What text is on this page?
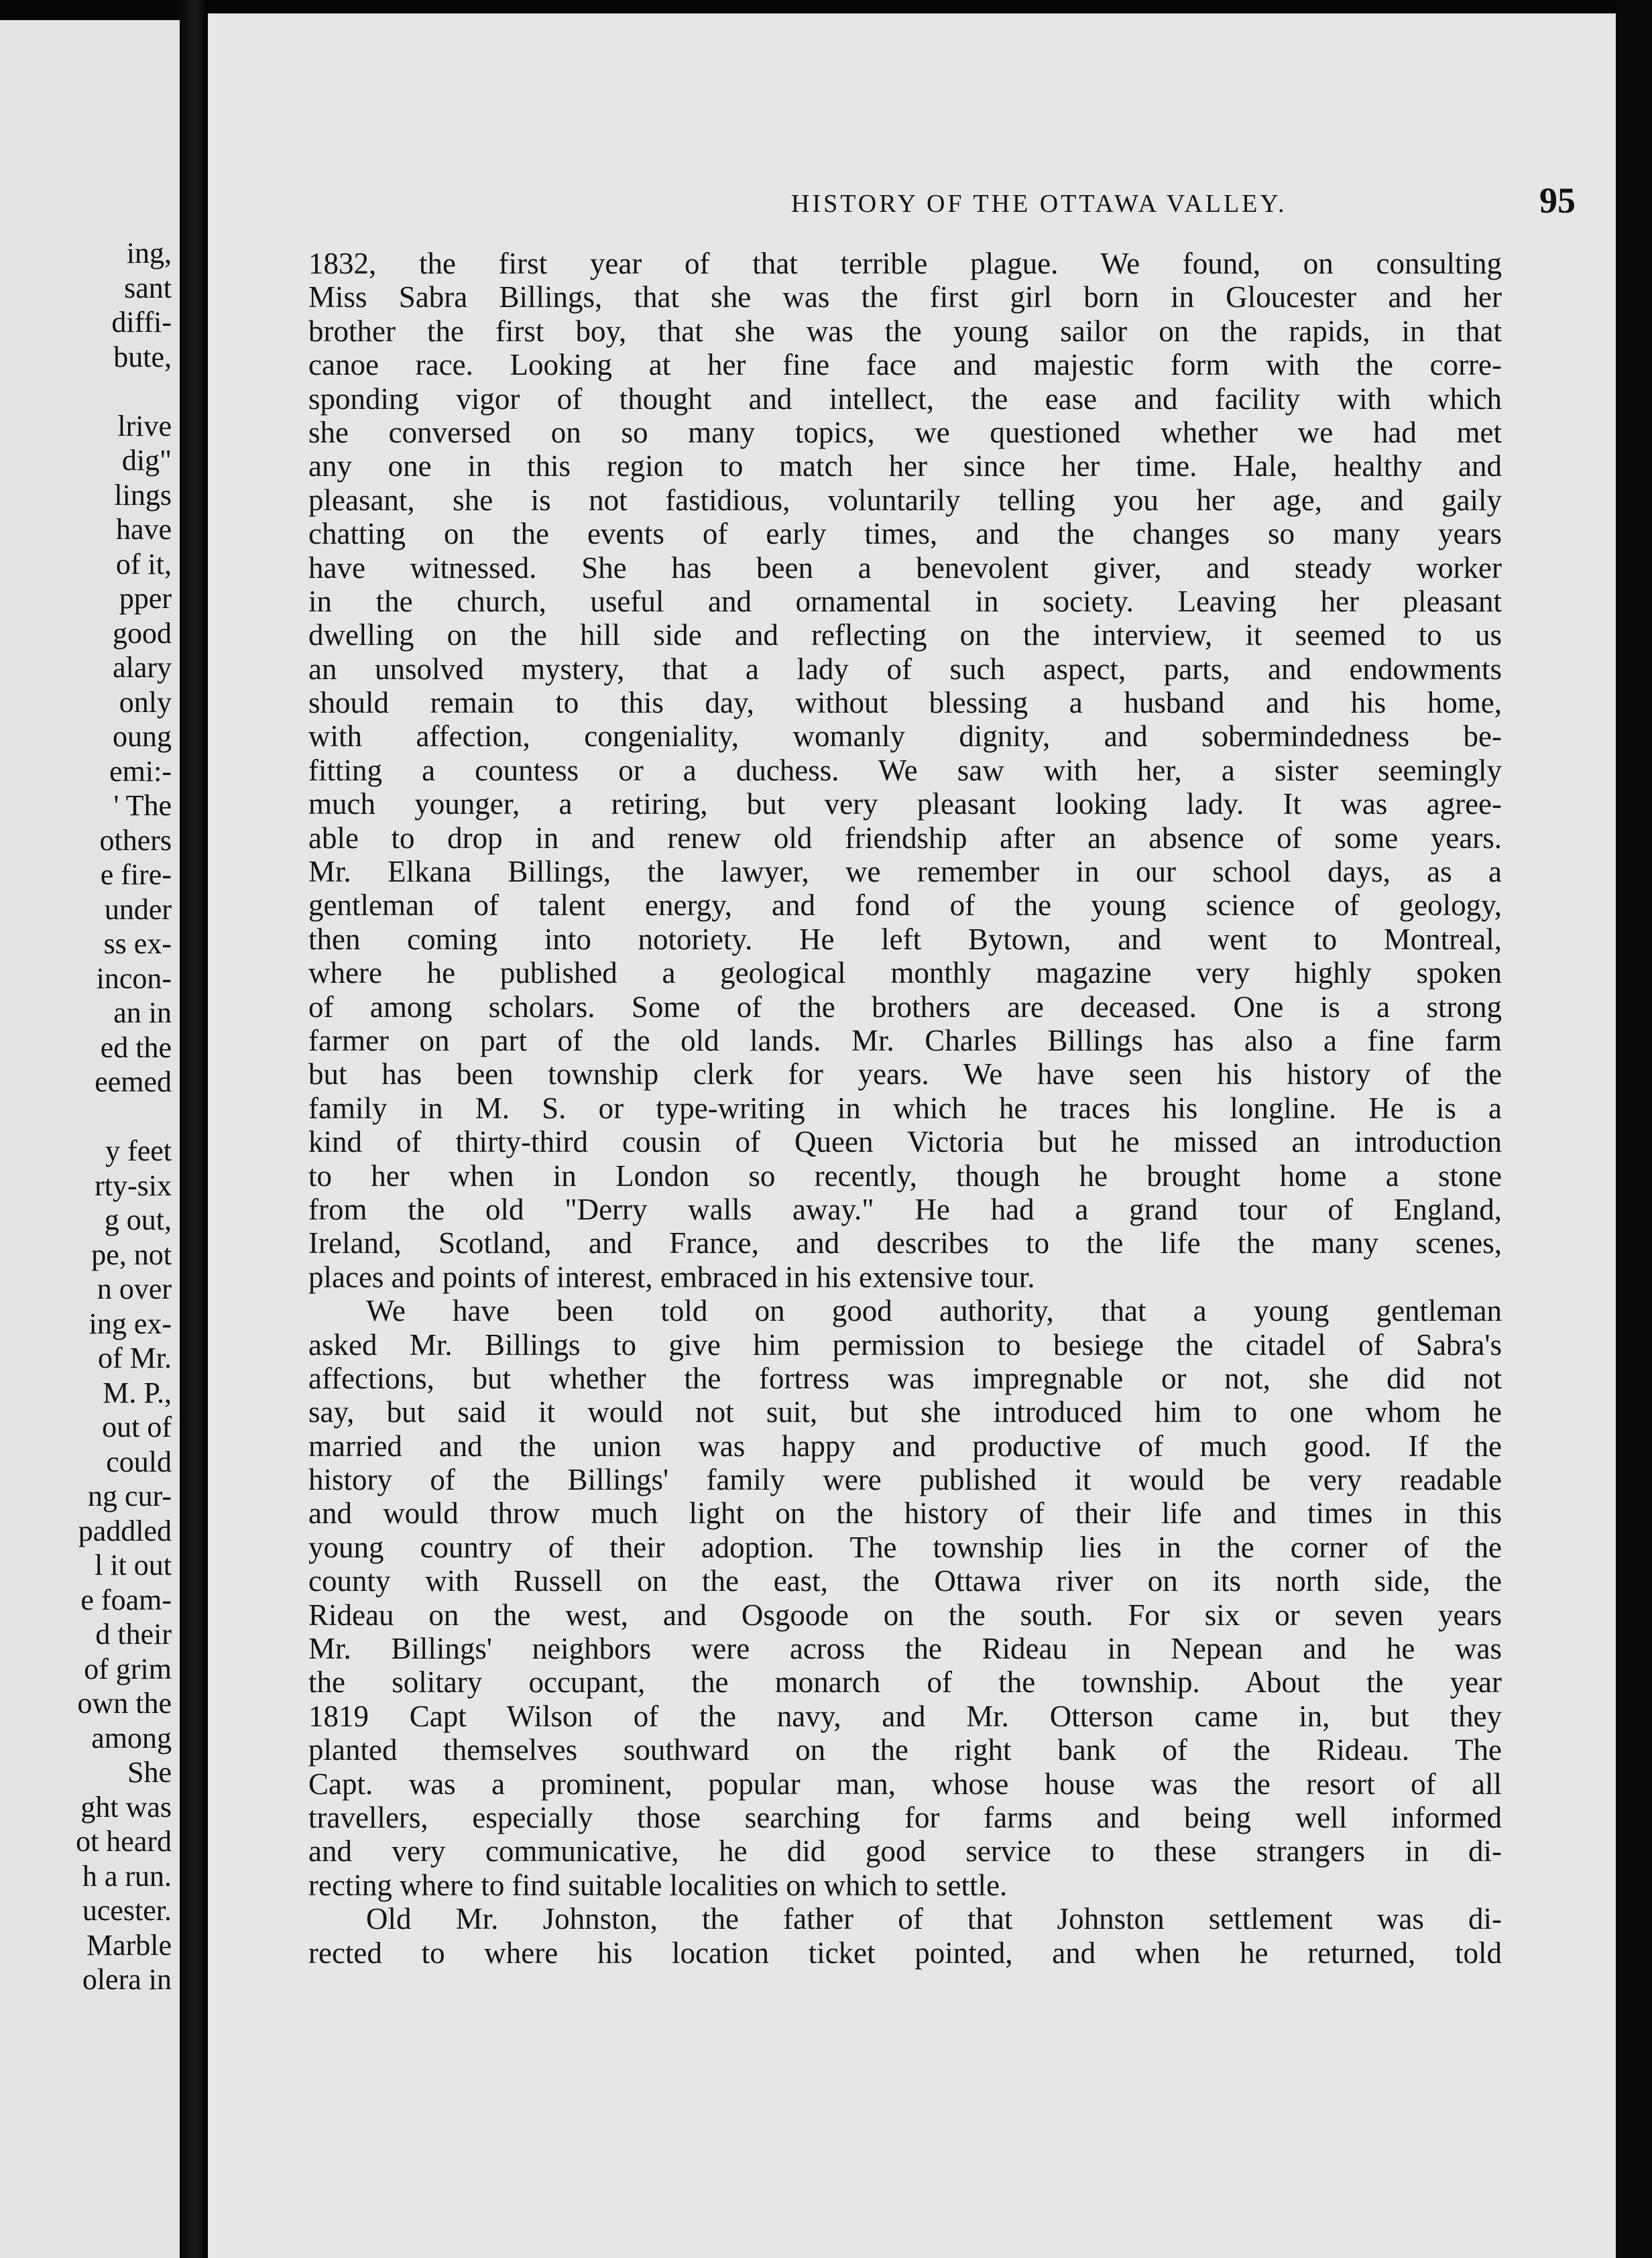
ing,
sant
diffi-
bute,
lrive
dig"
lings
have
of it,
pper
good
alary
only
oung
emi:-
' The
others
e fire-
under
ss ex-
incon-
an in
ed the
eemed
y feet
rty-six
g out,
pe, not
n over
ing ex-
of Mr.
M. P.,
out of
could
ng cur-
paddled
l it out
e foam-
d their
of grim
own the
among
She
ght was
ot heard
h a run.
ucester.
Marble
olera in
HISTORY OF THE OTTAWA VALLEY.	95
1832, the first year of that terrible plague. We found, on consulting
Miss Sabra Billings, that she was the first girl born in Gloucester and her
brother the first boy, that she was the young sailor on the rapids, in that
canoe race. Looking at her fine face and majestic form with the corre-
sponding vigor of thought and intellect, the ease and facility with which
she conversed on so many topics, we questioned whether we had met
any one in this region to match her since her time. Hale, healthy and
pleasant, she is not fastidious, voluntarily telling you her age, and gaily
chatting on the events of early times, and the changes so many years
have witnessed. She has been a benevolent giver, and steady worker
in the church, useful and ornamental in society. Leaving her pleasant
dwelling on the hill side and reflecting on the interview, it seemed to us
an unsolved mystery, that a lady of such aspect, parts, and endowments
should remain to this day, without blessing a husband and his home,
with affection, congeniality, womanly dignity, and sobermindedness be-
fitting a countess or a duchess. We saw with her, a sister seemingly
much younger, a retiring, but very pleasant looking lady. It was agree-
able to drop in and renew old friendship after an absence of some years.
Mr. Elkana Billings, the lawyer, we remember in our school days, as a
gentleman of talent energy, and fond of the young science of geology,
then coming into notoriety. He left Bytown, and went to Montreal,
where he published a geological monthly magazine very highly spoken
of among scholars. Some of the brothers are deceased. One is a strong
farmer on part of the old lands. Mr. Charles Billings has also a fine farm
but has been township clerk for years. We have seen his history of the
family in M. S. or type-writing in which he traces his longline. He is a
kind of thirty-third cousin of Queen Victoria but he missed an introduction
to her when in London so recently, though he brought home a stone
from the old "Derry walls away." He had a grand tour of England,
Ireland, Scotland, and France, and describes to the life the many scenes,
places and points of interest, embraced in his extensive tour.
We have been told on good authority, that a young gentleman
asked Mr. Billings to give him permission to besiege the citadel of Sabra's
affections, but whether the fortress was impregnable or not, she did not
say, but said it would not suit, but she introduced him to one whom he
married and the union was happy and productive of much good. If the
history of the Billings' family were published it would be very readable
and would throw much light on the history of their life and times in this
young country of their adoption. The township lies in the corner of the
county with Russell on the east, the Ottawa river on its north side, the
Rideau on the west, and Osgoode on the south. For six or seven years
Mr. Billings' neighbors were across the Rideau in Nepean and he was
the solitary occupant, the monarch of the township. About the year
1819 Capt Wilson of the navy, and Mr. Otterson came in, but they
planted themselves southward on the right bank of the Rideau. The
Capt. was a prominent, popular man, whose house was the resort of all
travellers, especially those searching for farms and being well informed
and very communicative, he did good service to these strangers in di-
recting where to find suitable localities on which to settle.
Old Mr. Johnston, the father of that Johnston settlement was di-
rected to where his location ticket pointed, and when he returned, told
